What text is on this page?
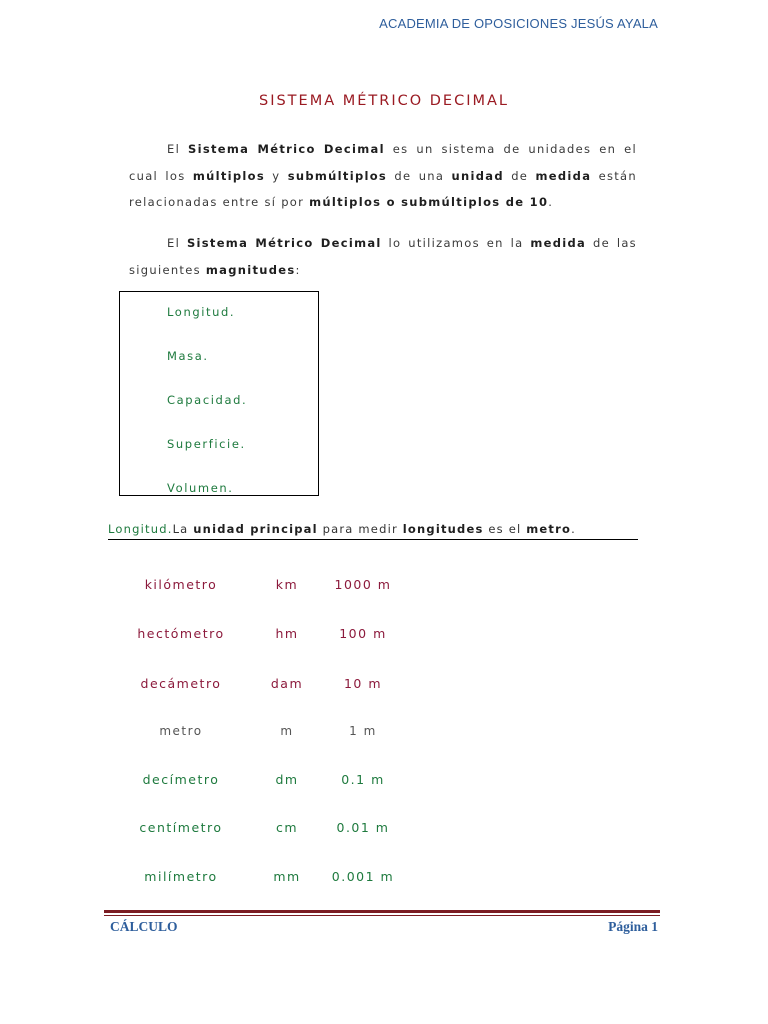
ACADEMIA DE OPOSICIONES JESÚS AYALA
SISTEMA MÉTRICO DECIMAL
El Sistema Métrico Decimal es un sistema de unidades en el cual los múltiplos y submúltiplos de una unidad de medida están relacionadas entre sí por múltiplos o submúltiplos de 10.
El Sistema Métrico Decimal lo utilizamos en la medida de las siguientes magnitudes:
Longitud.
Masa.
Capacidad.
Superficie.
Volumen.
Longitud.La unidad principal para medir longitudes es el metro.
kilómetro	km	1000 m
hectómetro	hm	100 m
decámetro	dam	10 m
metro	m	1 m
decímetro	dm	0.1 m
centímetro	cm	0.01 m
milímetro	mm	0.001 m
CÁLCULO	Página 1
